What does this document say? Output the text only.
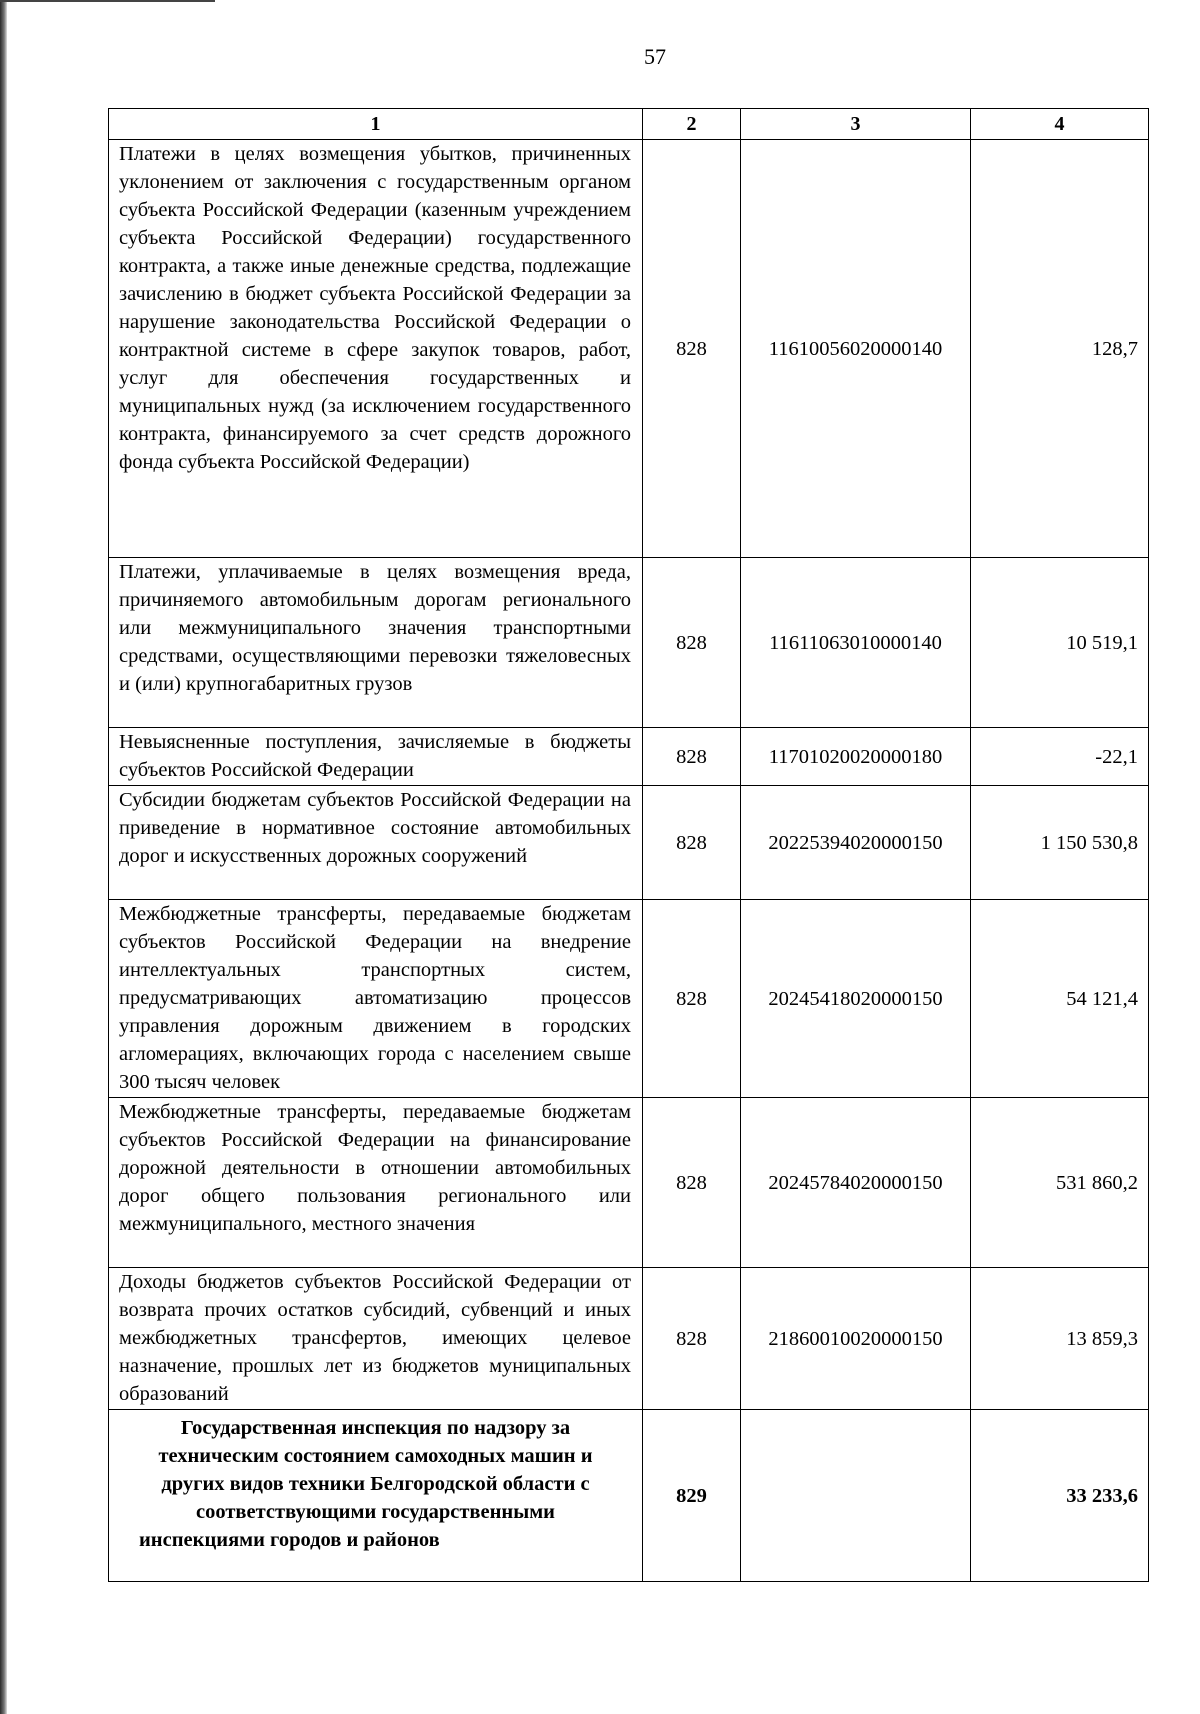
57
1	2	3	4
Платежи в целях возмещения убытков, причиненных уклонением от заключения с государственным органом субъекта Российской Федерации (казенным учреждением субъекта Российской Федерации) государственного контракта, а также иные денежные средства, подлежащие зачислению в бюджет субъекта Российской Федерации за нарушение законодательства Российской Федерации о контрактной системе в сфере закупок товаров, работ, услуг для обеспечения государственных и муниципальных нужд (за исключением государственного контракта, финансируемого за счет средств дорожного фонда субъекта Российской Федерации)	828	11610056020000140	128,7
Платежи, уплачиваемые в целях возмещения вреда, причиняемого автомобильным дорогам регионального или межмуниципального значения транспортными средствами, осуществляющими перевозки тяжеловесных и (или) крупногабаритных грузов	828	11611063010000140	10 519,1
Невыясненные поступления, зачисляемые в бюджеты субъектов Российской Федерации	828	11701020020000180	-22,1
Субсидии бюджетам субъектов Российской Федерации на приведение в нормативное состояние автомобильных дорог и искусственных дорожных сооружений	828	20225394020000150	1 150 530,8
Межбюджетные трансферты, передаваемые бюджетам субъектов Российской Федерации на внедрение интеллектуальных транспортных систем, предусматривающих автоматизацию процессов управления дорожным движением в городских агломерациях, включающих города с населением свыше 300 тысяч человек	828	20245418020000150	54 121,4
Межбюджетные трансферты, передаваемые бюджетам субъектов Российской Федерации на финансирование дорожной деятельности в отношении автомобильных дорог общего пользования регионального или межмуниципального, местного значения	828	20245784020000150	531 860,2
Доходы бюджетов субъектов Российской Федерации от возврата прочих остатков субсидий, субвенций и иных межбюджетных трансфертов, имеющих целевое назначение, прошлых лет из бюджетов муниципальных образований	828	21860010020000150	13 859,3
Государственная инспекция по надзору за техническим состоянием самоходных машин и других видов техники Белгородской области с соответствующими государственными инспекциями городов и районов	829		33 233,6
